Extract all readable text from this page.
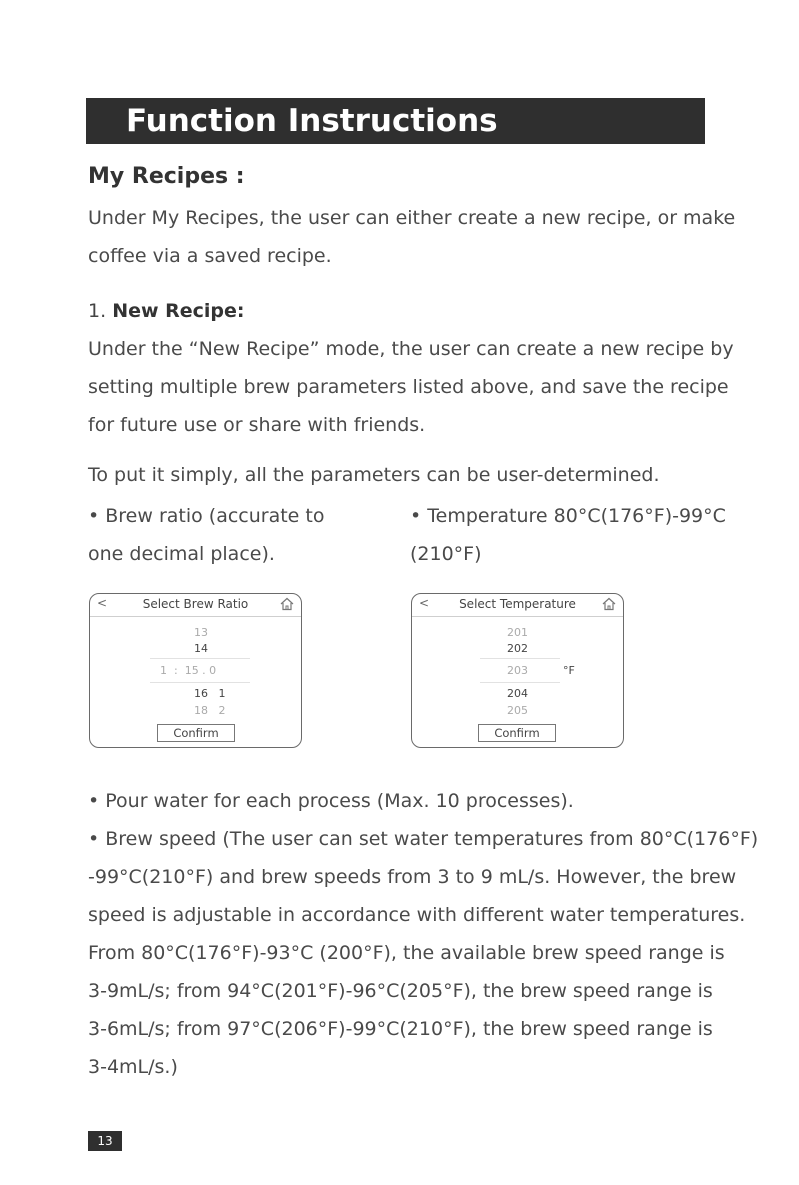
Function Instructions
My Recipes :
Under My Recipes, the user can either create a new recipe, or make
coffee via a saved recipe.
1. New Recipe:
Under the “New Recipe” mode, the user can create a new recipe by
setting multiple brew parameters listed above, and save the recipe
for future use or share with friends.
To put it simply, all the parameters can be user-determined.
• Brew ratio (accurate to
one decimal place).
• Temperature 80°C(176°F)-99°C
(210°F)
<	Select Brew Ratio
13
14
1  :  15 . 0
16   1
18   2
Confirm
<	Select Temperature
201
202
203	°F
204
205
Confirm
• Pour water for each process (Max. 10 processes).
• Brew speed (The user can set water temperatures from 80°C(176°F)
-99°C(210°F) and brew speeds from 3 to 9 mL/s. However, the brew
speed is adjustable in accordance with different water temperatures.
From 80°C(176°F)-93°C (200°F), the available brew speed range is
3-9mL/s; from 94°C(201°F)-96°C(205°F), the brew speed range is
3-6mL/s; from 97°C(206°F)-99°C(210°F), the brew speed range is
3-4mL/s.)
13
